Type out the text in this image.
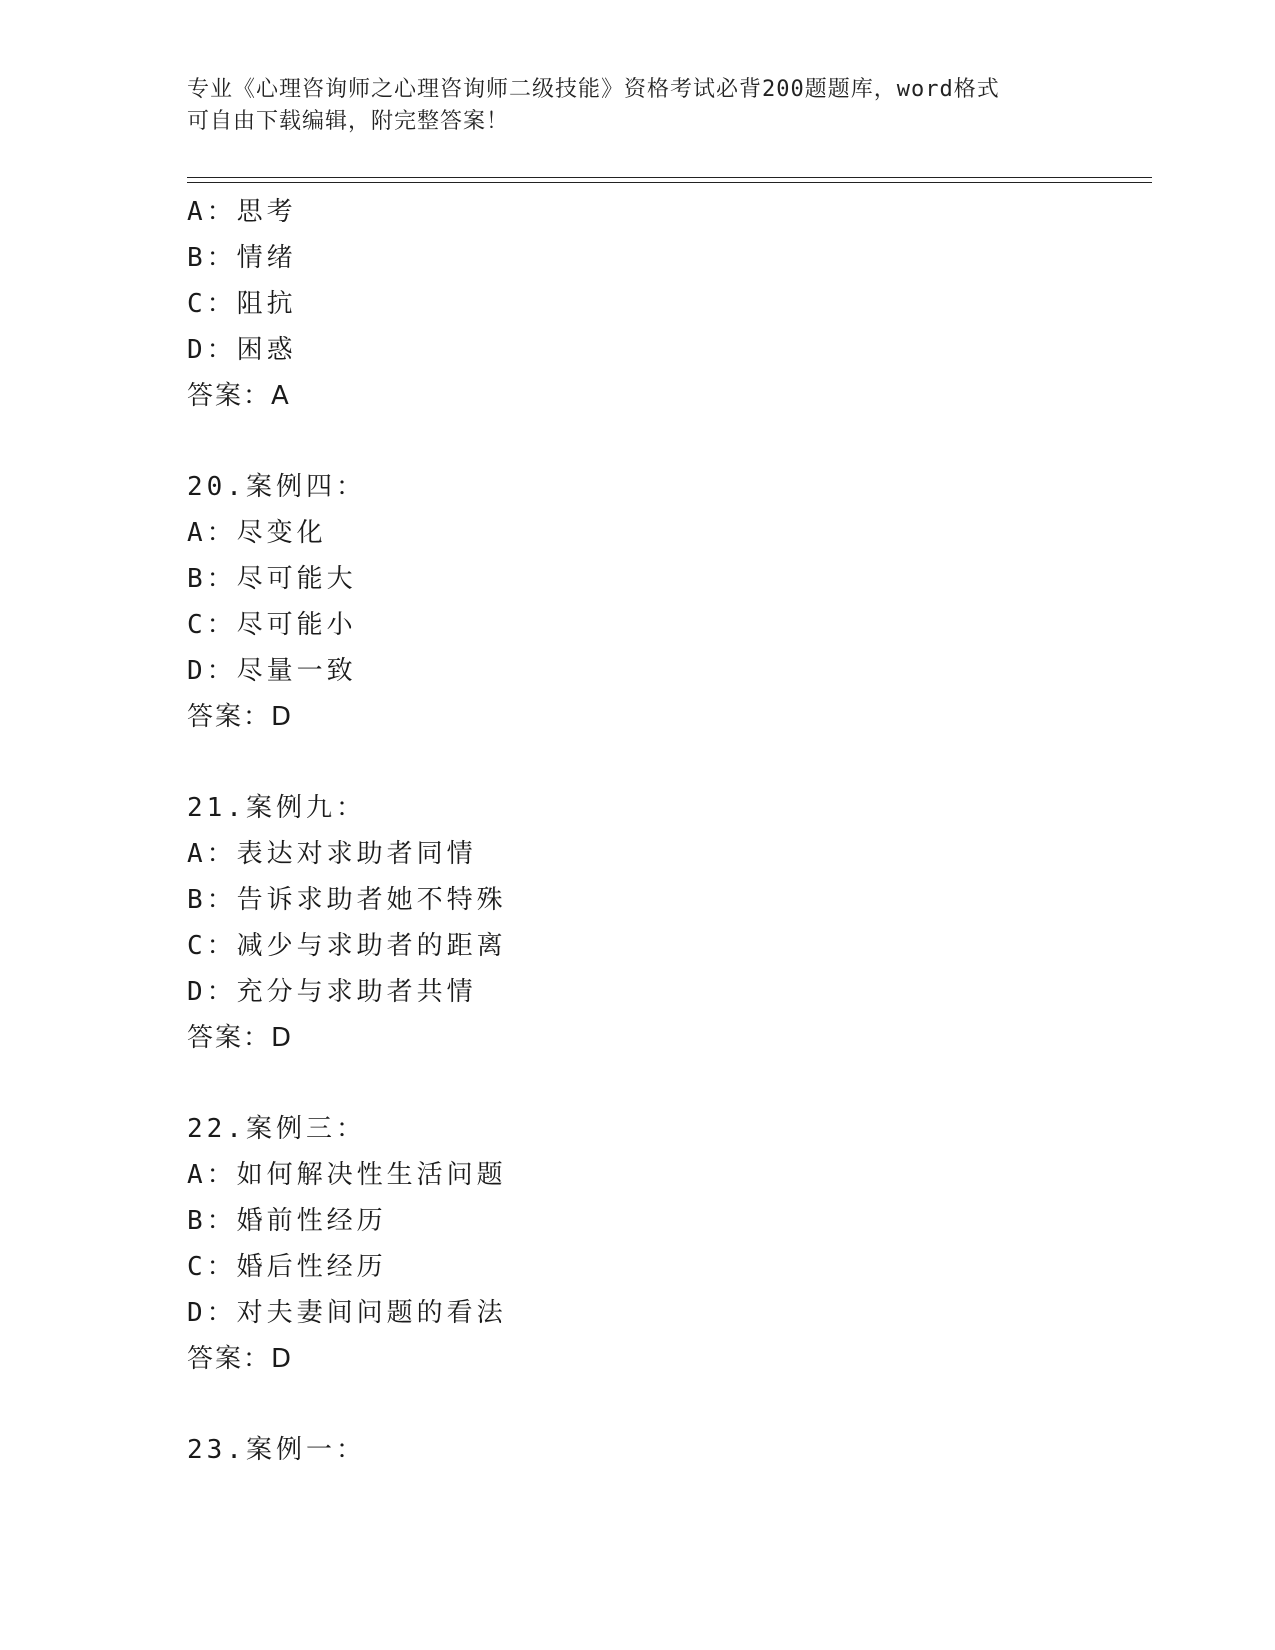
专业《心理咨询师之心理咨询师二级技能》资格考试必背200题题库，word格式
可自由下载编辑，附完整答案！
A：思考
B：情绪
C：阻抗
D：困惑
答案：A
20.案例四：
A：尽变化
B：尽可能大
C：尽可能小
D：尽量一致
答案：D
21.案例九：
A：表达对求助者同情
B：告诉求助者她不特殊
C：减少与求助者的距离
D：充分与求助者共情
答案：D
22.案例三：
A：如何解决性生活问题
B：婚前性经历
C：婚后性经历
D：对夫妻间问题的看法
答案：D
23.案例一：
